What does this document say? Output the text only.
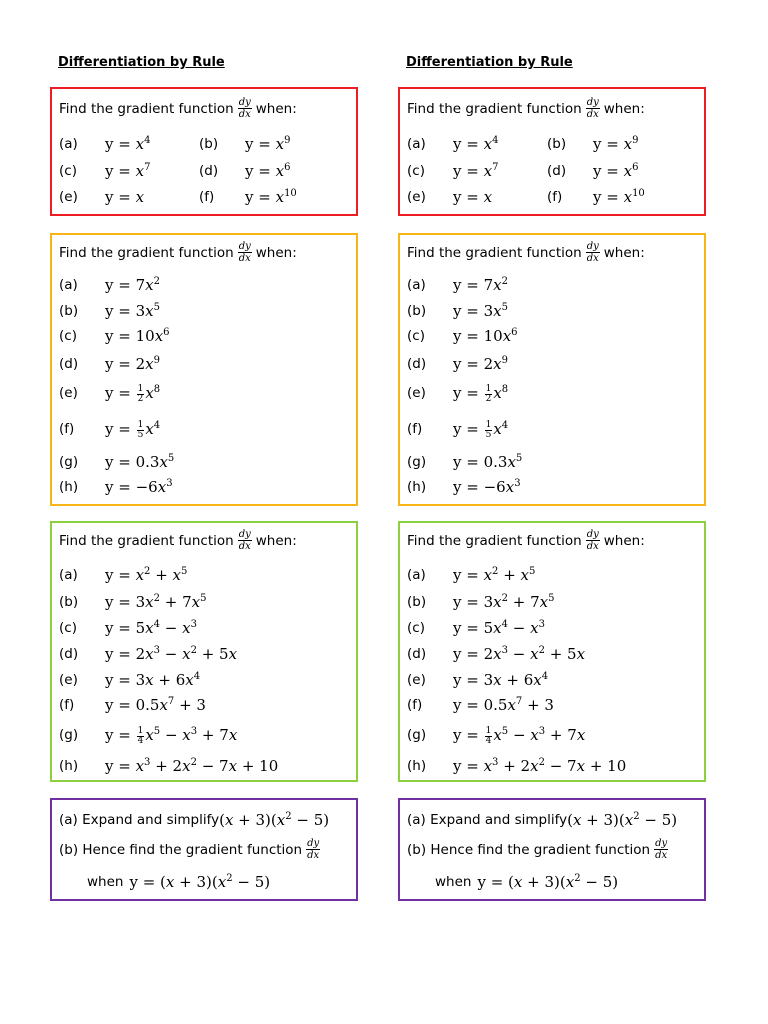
Differentiation by Rule
Find the gradient function $\frac{dy}{dx}$ when:
(a) $y = x^4$	(b) $y = x^9$
(c) $y = x^7$	(d) $y = x^6$
(e) y = x	(f) $y = x^{10}$
Find the gradient function $\frac{dy}{dx}$ when:
(a) $y = 7x^2$
(b) $y = 3x^5$
(c) $y = 10x^6$
(d) $y = 2x^9$
(e) $y = \frac{1}{2} x^8$
(f) $y = \frac{1}{5} x^4$
(g) $y = 0.3x^5$
(h) $y = -6x^3$
Find the gradient function $\frac{dy}{dx}$ when:
(a) $y = x^2 + x^5$
(b) $y = 3x^2 + 7x^5$
(c) $y = 5x^4 - x^3$
(d) $y = 2x^3 - x^2 + 5x$
(e) $y = 3x + 6x^4$
(f) $y = 0.5x^7 + 3$
(g) $y = \frac{1}{4} x^5 - x^3 + 7x$
(h) $y = x^3 + 2x^2 - 7x + 10$
(a) Expand and simplify $(x + 3)(x^2 - 5)$
(b) Hence find the gradient function $\frac{dy}{dx}$
when $y = (x + 3)(x^2 - 5)$
Differentiation by Rule
Find the gradient function $\frac{dy}{dx}$ when:
(a) $y = x^4$	(b) $y = x^9$
(c) $y = x^7$	(d) $y = x^6$
(e) y = x	(f) $y = x^{10}$
Find the gradient function $\frac{dy}{dx}$ when:
(a) $y = 7x^2$
(b) $y = 3x^5$
(c) $y = 10x^6$
(d) $y = 2x^9$
(e) $y = \frac{1}{2} x^8$
(f) $y = \frac{1}{5} x^4$
(g) $y = 0.3x^5$
(h) $y = -6x^3$
Find the gradient function $\frac{dy}{dx}$ when:
(a) $y = x^2 + x^5$
(b) $y = 3x^2 + 7x^5$
(c) $y = 5x^4 - x^3$
(d) $y = 2x^3 - x^2 + 5x$
(e) $y = 3x + 6x^4$
(f) $y = 0.5x^7 + 3$
(g) $y = \frac{1}{4} x^5 - x^3 + 7x$
(h) $y = x^3 + 2x^2 - 7x + 10$
(a) Expand and simplify $(x + 3)(x^2 - 5)$
(b) Hence find the gradient function $\frac{dy}{dx}$
when $y = (x + 3)(x^2 - 5)$
